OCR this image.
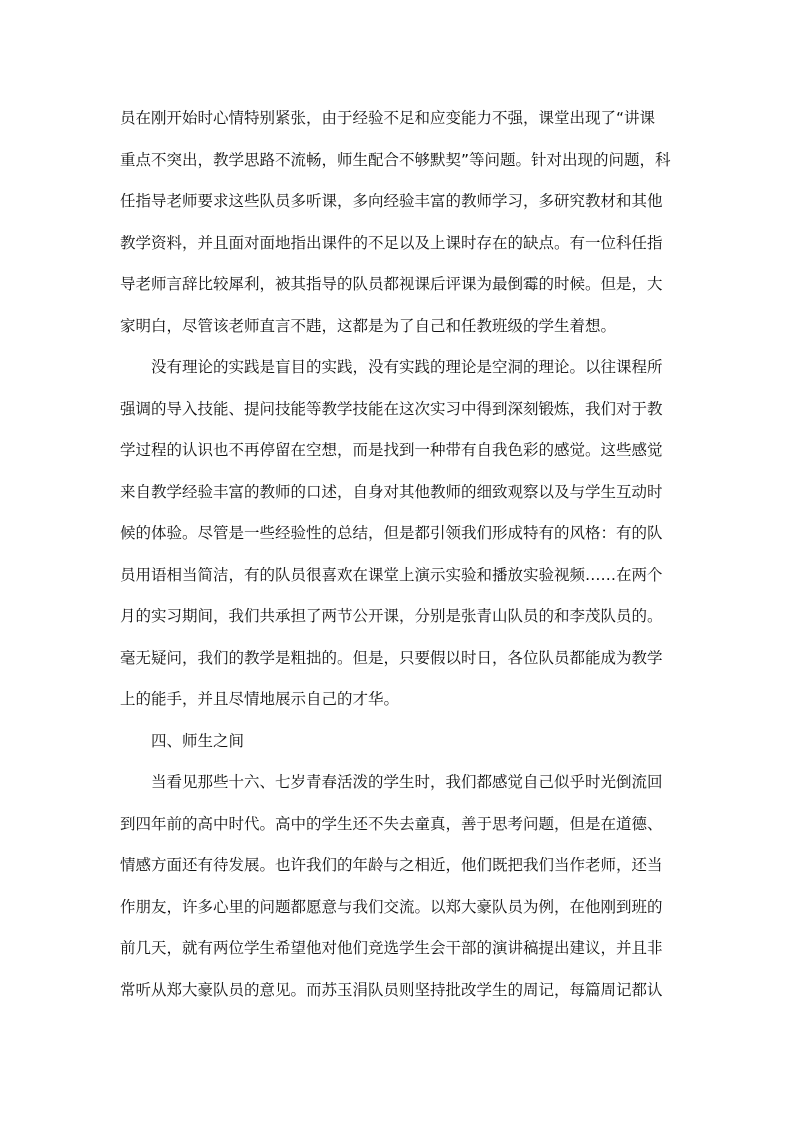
员在刚开始时心情特别紧张，由于经验不足和应变能力不强，课堂出现了“讲课
重点不突出，教学思路不流畅，师生配合不够默契”等问题。针对出现的问题，科
任指导老师要求这些队员多听课，多向经验丰富的教师学习，多研究教材和其他
教学资料，并且面对面地指出课件的不足以及上课时存在的缺点。有一位科任指
导老师言辞比较犀利，被其指导的队员都视课后评课为最倒霉的时候。但是，大
家明白，尽管该老师直言不韪，这都是为了自己和任教班级的学生着想。
没有理论的实践是盲目的实践，没有实践的理论是空洞的理论。以往课程所
强调的导入技能、提问技能等教学技能在这次实习中得到深刻锻炼，我们对于教
学过程的认识也不再停留在空想，而是找到一种带有自我色彩的感觉。这些感觉
来自教学经验丰富的教师的口述，自身对其他教师的细致观察以及与学生互动时
候的体验。尽管是一些经验性的总结，但是都引领我们形成特有的风格：有的队
员用语相当简洁，有的队员很喜欢在课堂上演示实验和播放实验视频……在两个
月的实习期间，我们共承担了两节公开课，分别是张青山队员的和李茂队员的。
毫无疑问，我们的教学是粗拙的。但是，只要假以时日，各位队员都能成为教学
上的能手，并且尽情地展示自己的才华。
四、师生之间
当看见那些十六、七岁青春活泼的学生时，我们都感觉自己似乎时光倒流回
到四年前的高中时代。高中的学生还不失去童真，善于思考问题，但是在道德、
情感方面还有待发展。也许我们的年龄与之相近，他们既把我们当作老师，还当
作朋友，许多心里的问题都愿意与我们交流。以郑大豪队员为例，在他刚到班的
前几天，就有两位学生希望他对他们竞选学生会干部的演讲稿提出建议，并且非
常听从郑大豪队员的意见。而苏玉涓队员则坚持批改学生的周记，每篇周记都认
